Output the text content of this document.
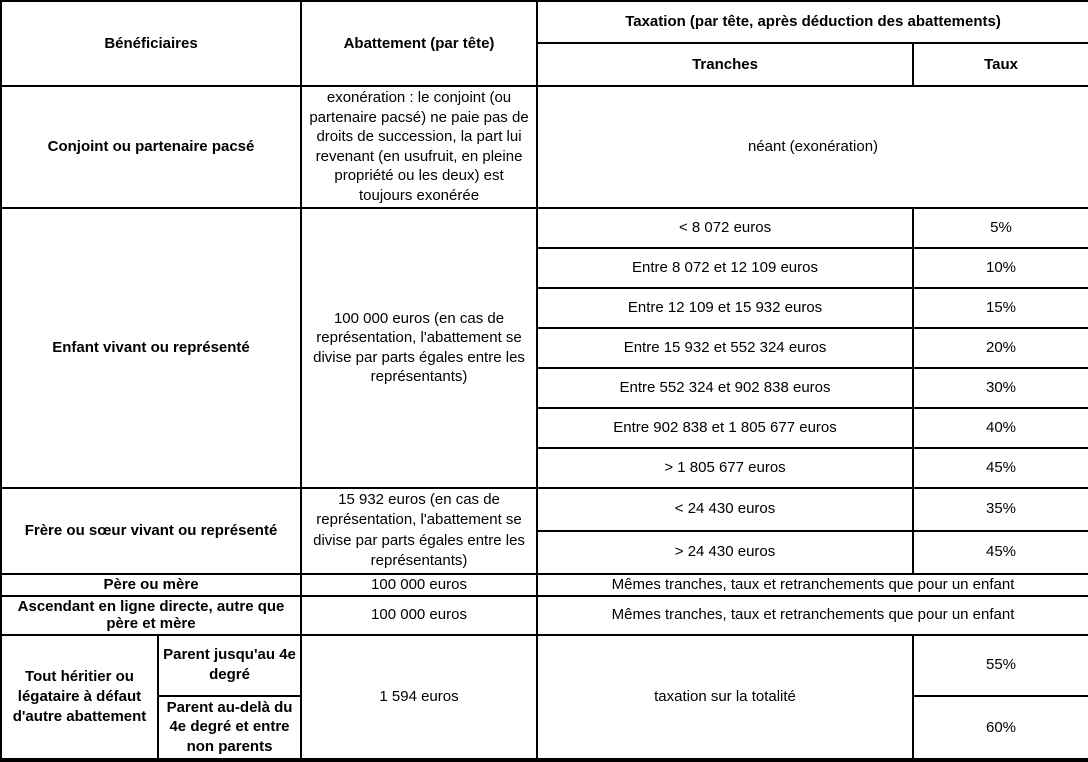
Bénéficiaires		Abattement (par tête)	Taxation (par tête, après déduction des abattements)	
			Tranches	Taux
Conjoint ou partenaire pacsé		exonération : le conjoint (ou partenaire pacsé) ne paie pas de droits de succession, la part lui revenant (en usufruit, en pleine propriété ou les deux) est toujours exonérée	néant (exonération)	
Enfant vivant ou représenté		100 000 euros (en cas de représentation, l'abattement se divise par parts égales entre les représentants)	< 8 072 euros	5%
			Entre 8 072 et 12 109 euros	10%
			Entre 12 109 et 15 932 euros	15%
			Entre 15 932 et 552 324 euros	20%
			Entre 552 324 et 902 838 euros	30%
			Entre 902 838 et 1 805 677 euros	40%
			> 1 805 677 euros	45%
Frère ou sœur vivant ou représenté		15 932 euros (en cas de représentation, l'abattement se divise par parts égales entre les représentants)	< 24 430 euros	35%
			> 24 430 euros	45%
Père ou mère		100 000 euros	Mêmes tranches, taux et retranchements que pour un enfant	
Ascendant en ligne directe, autre que père et mère		100 000 euros	Mêmes tranches, taux et retranchements que pour un enfant	
Tout héritier ou légataire à défaut d'autre abattement	Parent jusqu'au 4e degré	1 594 euros	taxation sur la totalité	55%
	Parent au-delà du 4e degré et entre non parents			60%
